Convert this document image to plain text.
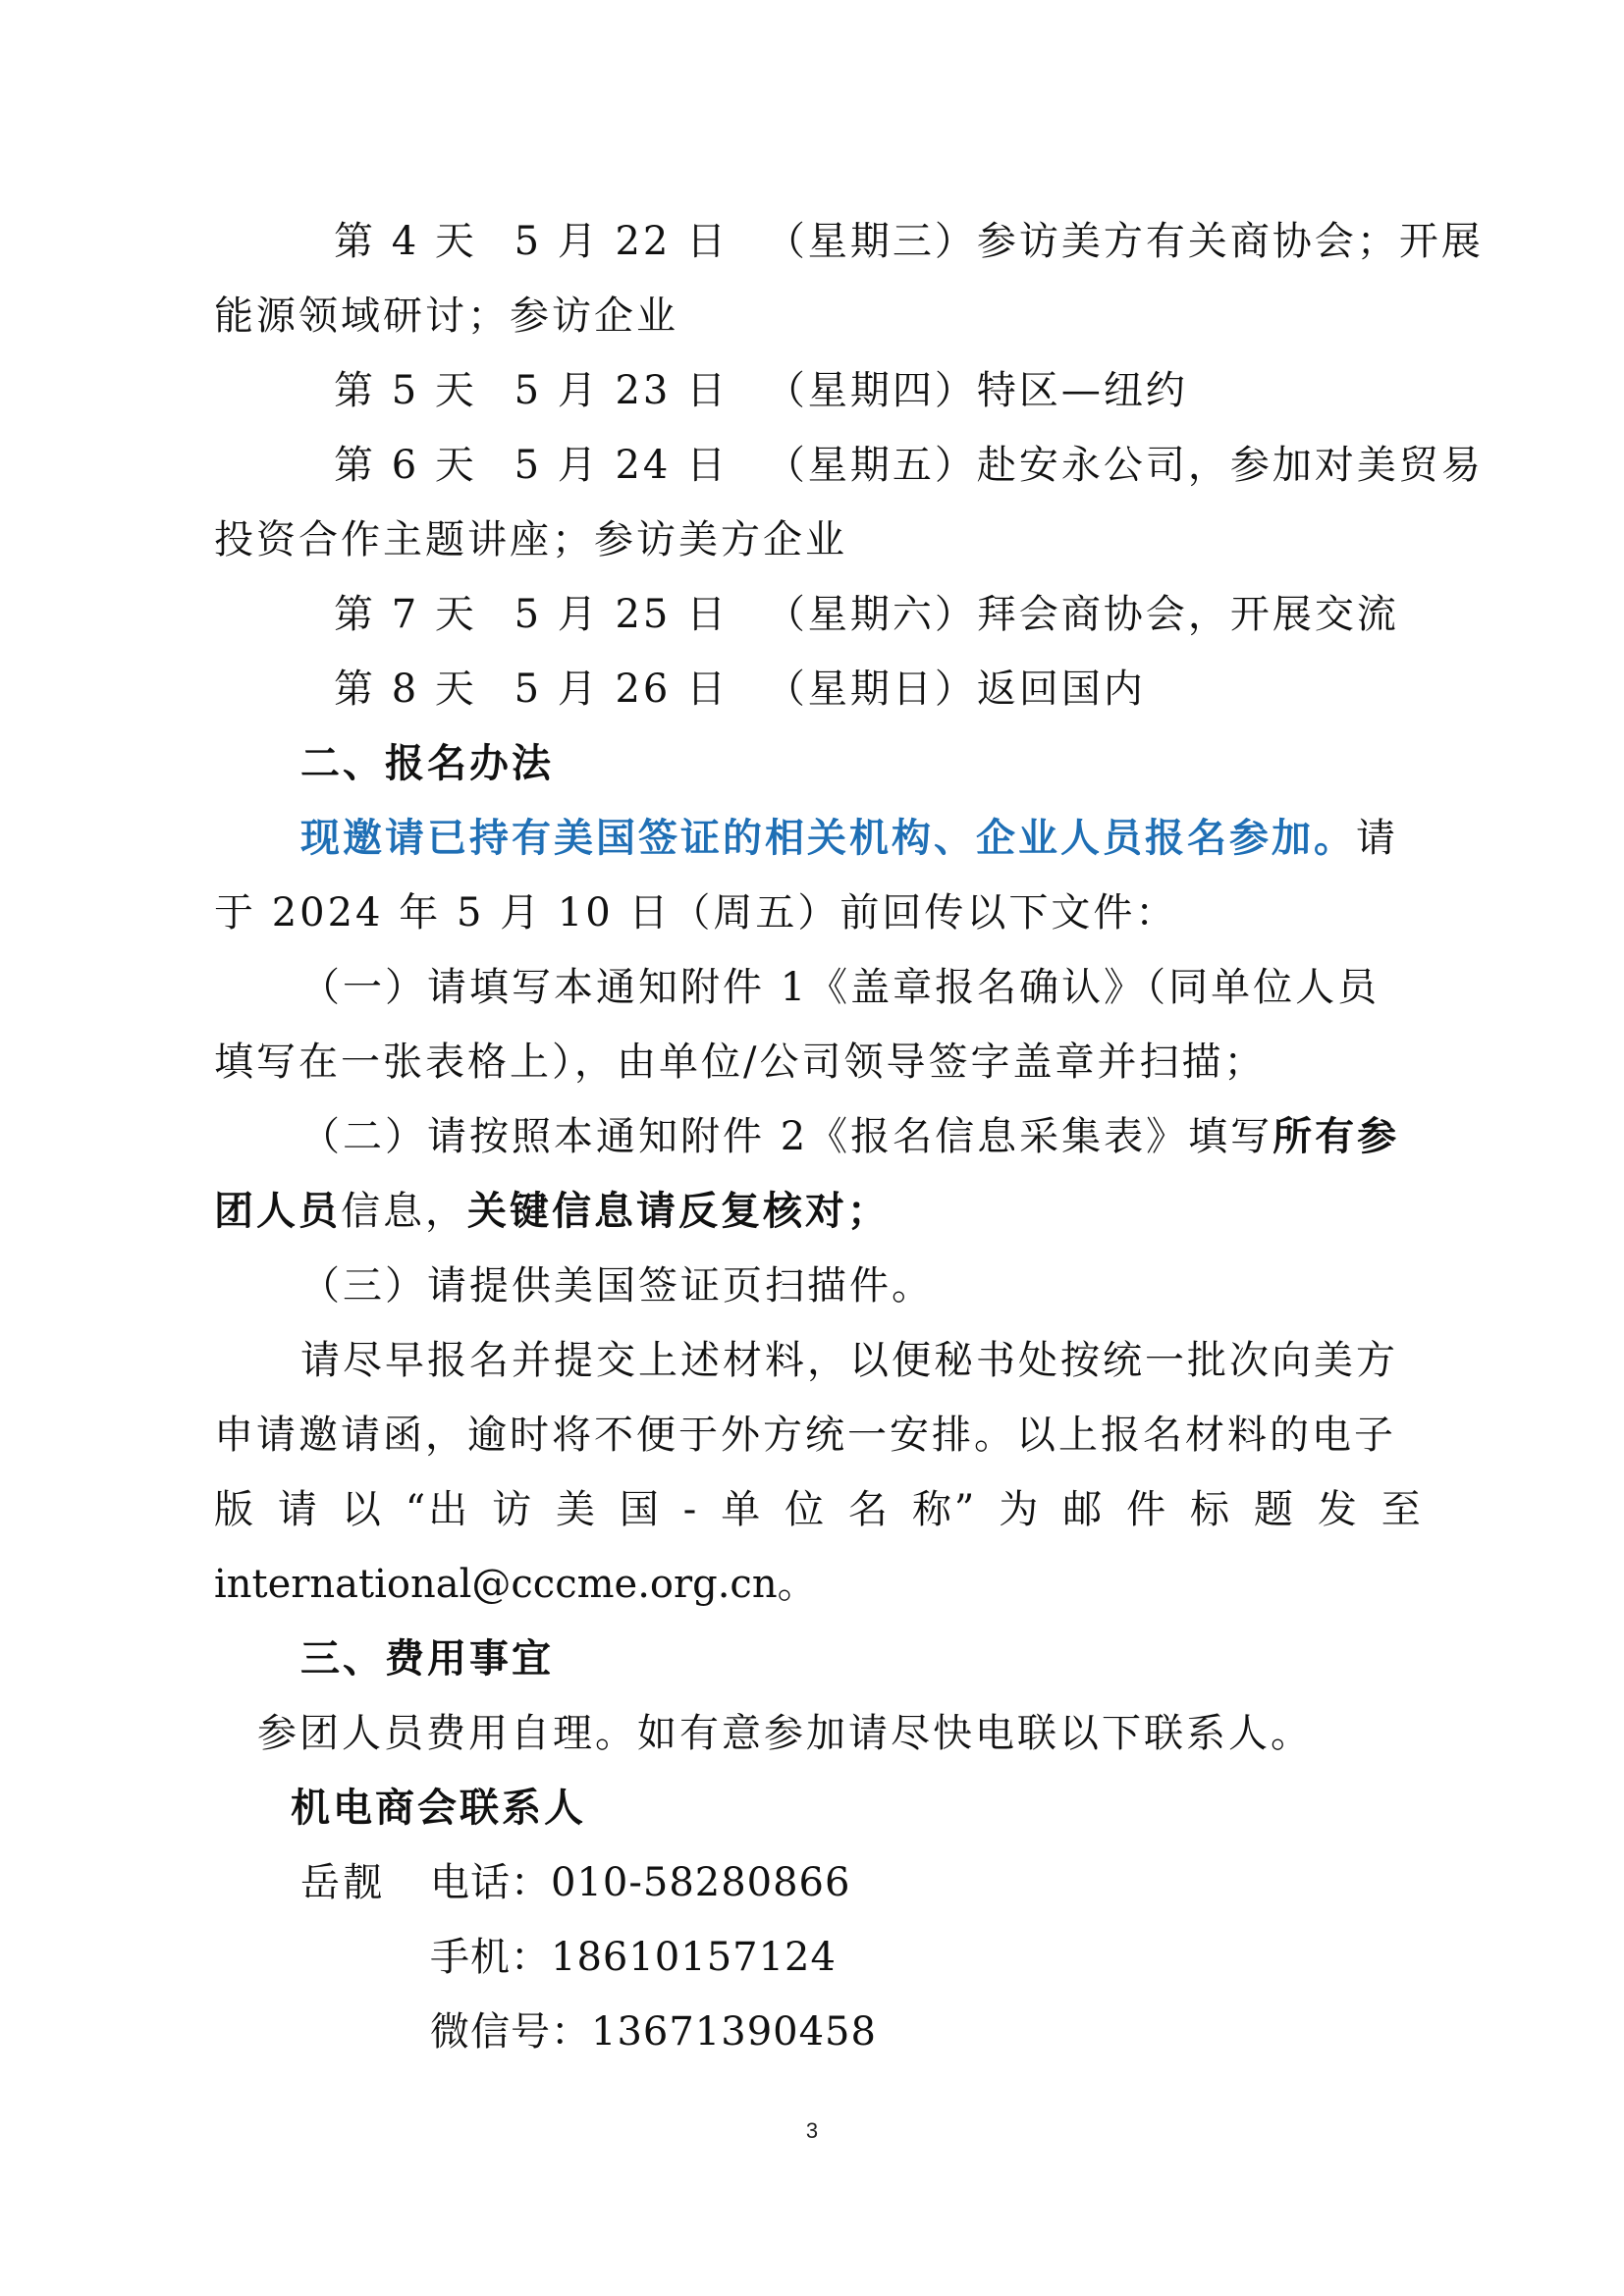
第 4 天 5 月 22 日 （星期三）参访美方有关商协会；开展
能源领域研讨；参访企业
第 5 天 5 月 23 日 （星期四）特区—纽约
第 6 天 5 月 24 日 （星期五）赴安永公司，参加对美贸易
投资合作主题讲座；参访美方企业
第 7 天 5 月 25 日 （星期六）拜会商协会，开展交流
第 8 天 5 月 26 日 （星期日）返回国内
二、报名办法
现邀请已持有美国签证的相关机构、企业人员报名参加。请
于 2024 年 5 月 10 日（周五）前回传以下文件：
（一）请填写本通知附件 1《盖章报名确认》（同单位人员
填写在一张表格上），由单位/公司领导签字盖章并扫描；
（二）请按照本通知附件 2《报名信息采集表》填写所有参
团人员信息，关键信息请反复核对；
（三）请提供美国签证页扫描件。
请尽早报名并提交上述材料，以便秘书处按统一批次向美方
申请邀请函，逾时将不便于外方统一安排。以上报名材料的电子
版 请 以 “出 访 美 国 - 单 位 名 称” 为 邮 件 标 题 发 至
international@cccme.org.cn。
三、费用事宜
参团人员费用自理。如有意参加请尽快电联以下联系人。
机电商会联系人
岳靓 电话：010-58280866
手机：18610157124
微信号：13671390458
3
